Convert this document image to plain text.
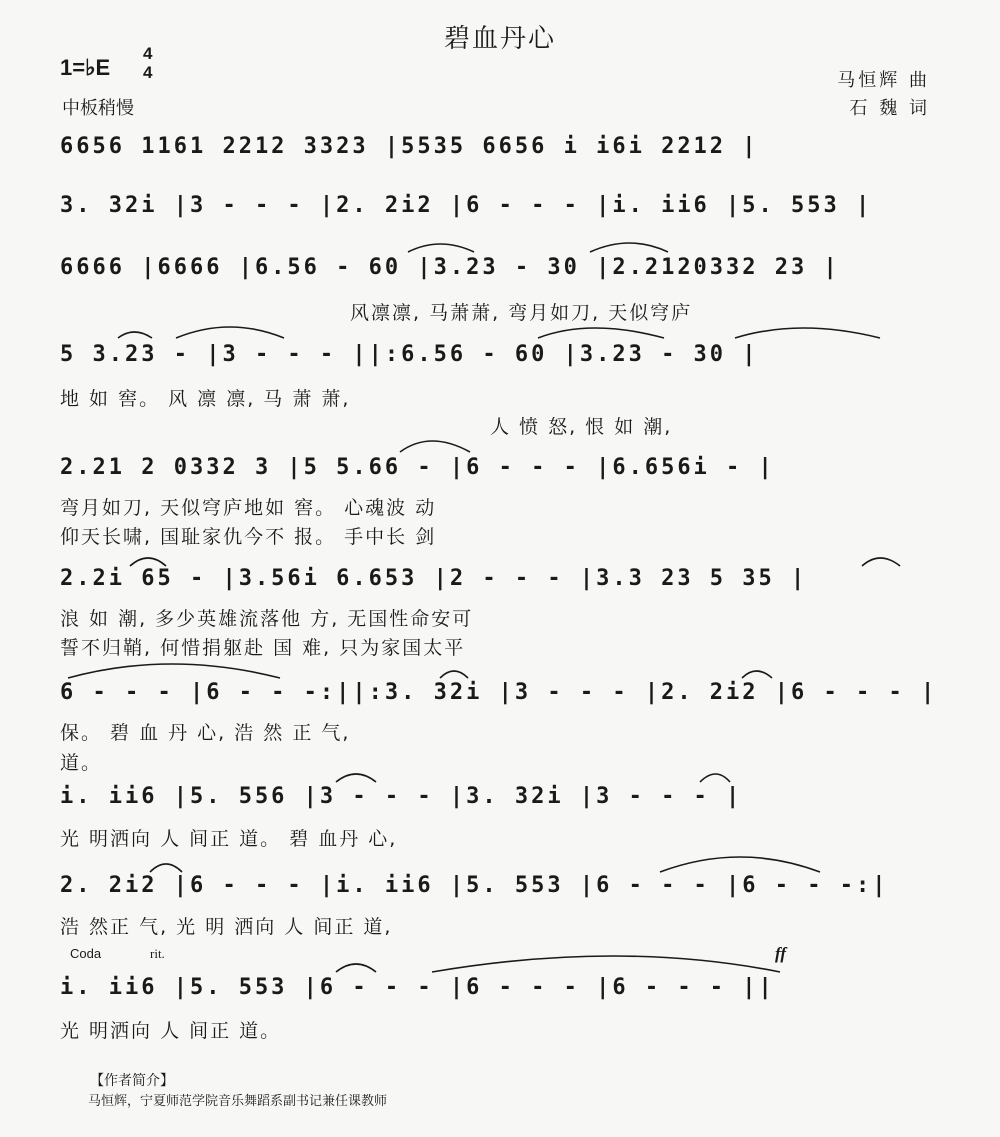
碧血丹心
1=♭E
4
4
中板稍慢
马恒辉 曲
石 魏 词
6656 1161 2212 3323 |5535 6656 i i6i 2212 |
3. 32i |3 - - - |2. 2i2 |6 - - - |i. ii6 |5. 553 |
6666 |6666 |6.56 - 60 |3.23 - 30 |2.2120332 23 |
风凛凛, 马萧萧, 弯月如刀, 天似穹庐
5 3.23 - |3 - - - ||:6.56 - 60 |3.23 - 30 |
地 如 窖。 风 凛 凛, 马 萧 萧,
人 愤 怒, 恨 如 潮,
2.21 2 0332 3 |5 5.66 - |6 - - - |6.656i - |
弯月如刀, 天似穹庐地如 窖。 心魂波 动
仰天长啸, 国耻家仇今不 报。 手中长 剑
2.2i 65 - |3.56i 6.653 |2 - - - |3.3 23 5 35 |
浪 如 潮, 多少英雄流落他 方, 无国性命安可
誓不归鞘, 何惜捐躯赴 国 难, 只为家国太平
6 - - - |6 - - -:||:3. 32i |3 - - - |2. 2i2 |6 - - - |
保。 碧 血 丹 心, 浩 然 正 气,
道。
i. ii6 |5. 556 |3 - - - |3. 32i |3 - - - |
光 明洒向 人 间正 道。 碧 血丹 心,
2. 2i2 |6 - - - |i. ii6 |5. 553 |6 - - - |6 - - -:|
浩 然正 气, 光 明 洒向 人 间正 道,
Coda	rit.	ff
i. ii6 |5. 553 |6 - - - |6 - - - |6 - - - ||
光 明洒向 人 间正 道。
【作者简介】
马恒辉，宁夏师范学院音乐舞蹈系副书记兼任课教师
